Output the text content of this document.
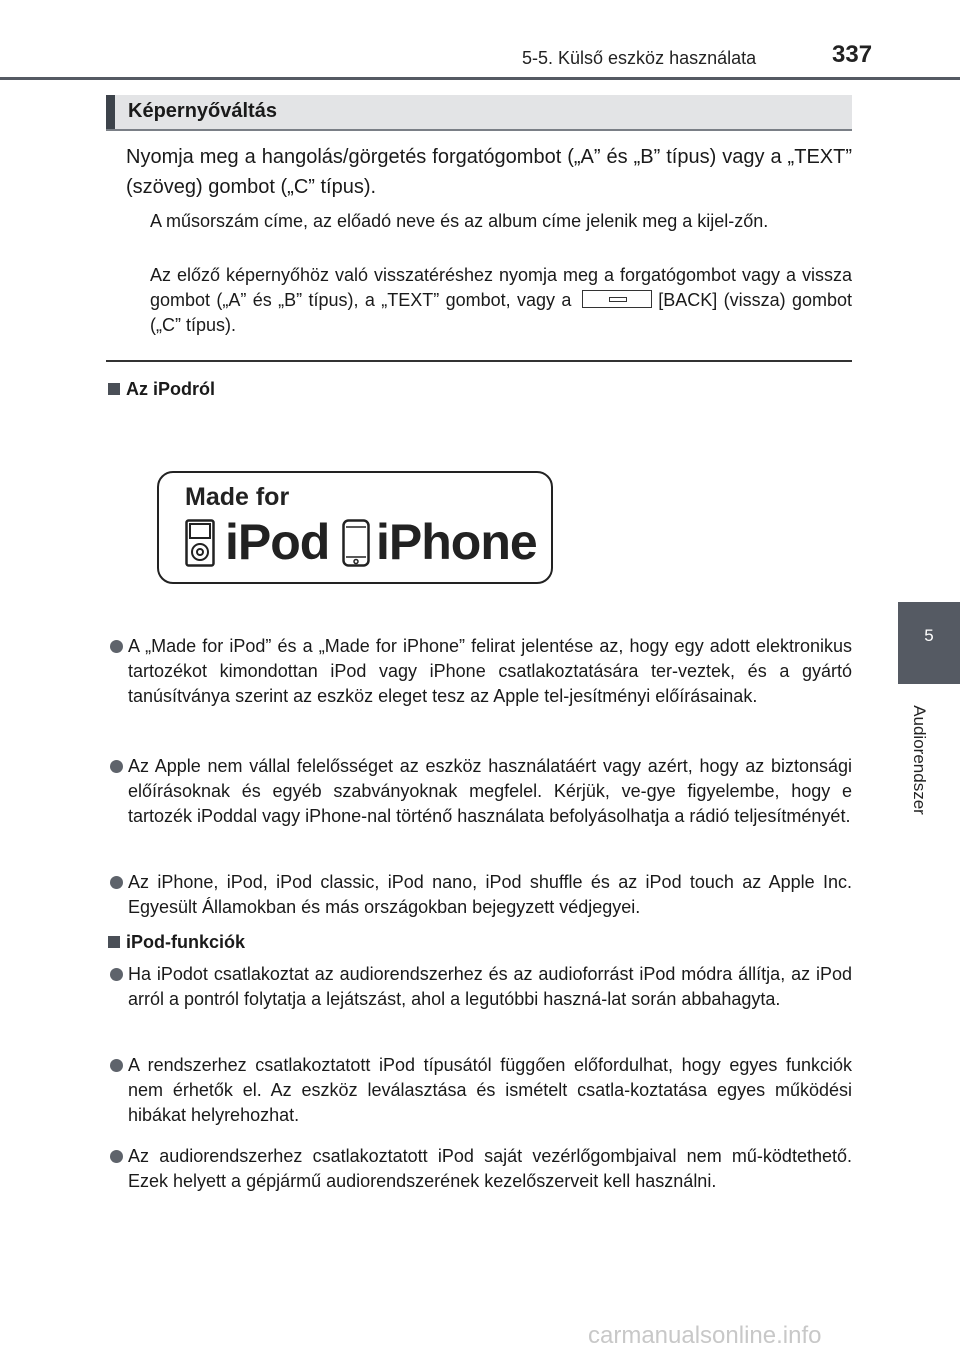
5-5. Külső eszköz használata	337
Képernyőváltás
Nyomja meg a hangolás/görgetés forgatógombot („A” és „B” típus) vagy a „TEXT” (szöveg) gombot („C” típus).
A műsorszám címe, az előadó neve és az album címe jelenik meg a kijel-zőn.
Az előző képernyőhöz való visszatéréshez nyomja meg a forgatógombot vagy a vissza gombot („A” és „B” típus), a „TEXT” gombot, vagy a	[BACK] (vissza) gombot („C” típus).
Az iPodról
Made for
iPod iPhone
A „Made for iPod” és a „Made for iPhone” felirat jelentése az, hogy egy adott elektronikus tartozékot kimondottan iPod vagy iPhone csatlakoztatására ter-veztek, és a gyártó tanúsítványa szerint az eszköz eleget tesz az Apple tel-jesítményi előírásainak.
Az Apple nem vállal felelősséget az eszköz használatáért vagy azért, hogy az biztonsági előírásoknak és egyéb szabványoknak megfelel. Kérjük, ve-gye figyelembe, hogy e tartozék iPoddal vagy iPhone-nal történő használata befolyásolhatja a rádió teljesítményét.
Az iPhone, iPod, iPod classic, iPod nano, iPod shuffle és az iPod touch az Apple Inc. Egyesült Államokban és más országokban bejegyzett védjegyei.
iPod-funkciók
Ha iPodot csatlakoztat az audiorendszerhez és az audioforrást iPod módra állítja, az iPod arról a pontról folytatja a lejátszást, ahol a legutóbbi haszná-lat során abbahagyta.
A rendszerhez csatlakoztatott iPod típusától függően előfordulhat, hogy egyes funkciók nem érhetők el. Az eszköz leválasztása és ismételt csatla-koztatása egyes működési hibákat helyrehozhat.
Az audiorendszerhez csatlakoztatott iPod saját vezérlőgombjaival nem mű-ködtethető. Ezek helyett a gépjármű audiorendszerének kezelőszerveit kell használni.
5
Audiorendszer
carmanualsonline.info
